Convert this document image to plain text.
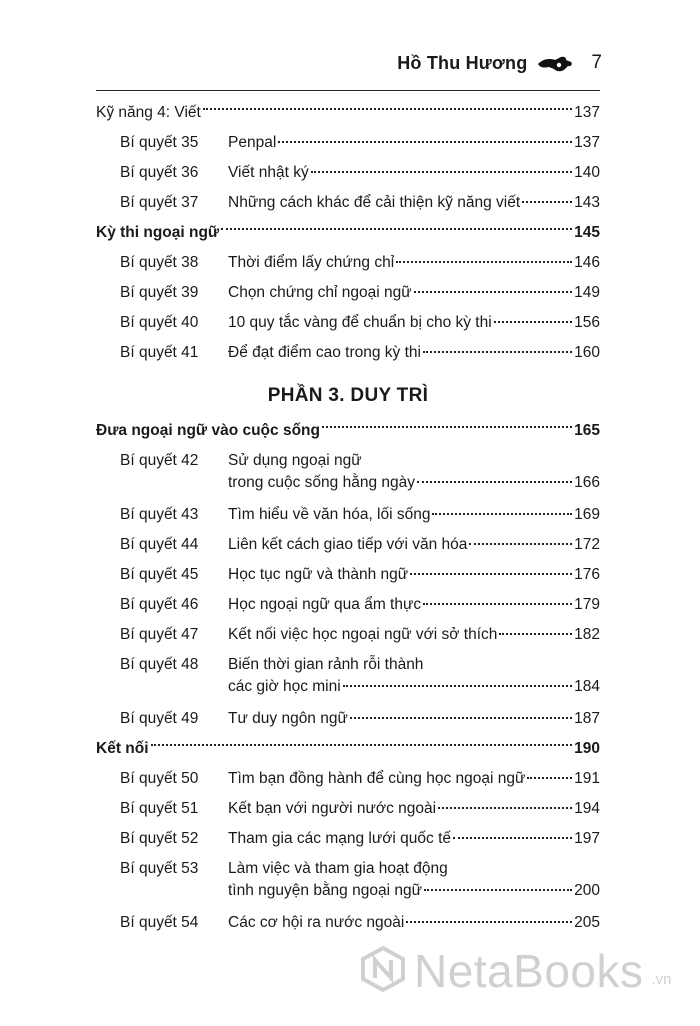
Hồ Thu Hương	7
Kỹ năng 4: Viết	137
Bí quyết 35	Penpal	137
Bí quyết 36	Viết nhật ký	140
Bí quyết 37	Những cách khác để cải thiện kỹ năng viết	143
Kỳ thi ngoại ngữ	145
Bí quyết 38	Thời điểm lấy chứng chỉ	146
Bí quyết 39	Chọn chứng chỉ ngoại ngữ	149
Bí quyết 40	10 quy tắc vàng để chuẩn bị cho kỳ thi	156
Bí quyết 41	Để đạt điểm cao trong kỳ thi	160
PHẦN 3. DUY TRÌ
Đưa ngoại ngữ vào cuộc sống	165
Bí quyết 42	Sử dụng ngoại ngữ
trong cuộc sống hằng ngày	166
Bí quyết 43	Tìm hiểu về văn hóa, lối sống	169
Bí quyết 44	Liên kết cách giao tiếp với văn hóa	172
Bí quyết 45	Học tục ngữ và thành ngữ	176
Bí quyết 46	Học ngoại ngữ qua ẩm thực	179
Bí quyết 47	Kết nối việc học ngoại ngữ với sở thích	182
Bí quyết 48	Biến thời gian rảnh rỗi thành
các giờ học mini	184
Bí quyết 49	Tư duy ngôn ngữ	187
Kết nối	190
Bí quyết 50	Tìm bạn đồng hành để cùng học ngoại ngữ	191
Bí quyết 51	Kết bạn với người nước ngoài	194
Bí quyết 52	Tham gia các mạng lưới quốc tế	197
Bí quyết 53	Làm việc và tham gia hoạt động
tình nguyện bằng ngoại ngữ	200
Bí quyết 54	Các cơ hội ra nước ngoài	205
NetaBooks .vn
